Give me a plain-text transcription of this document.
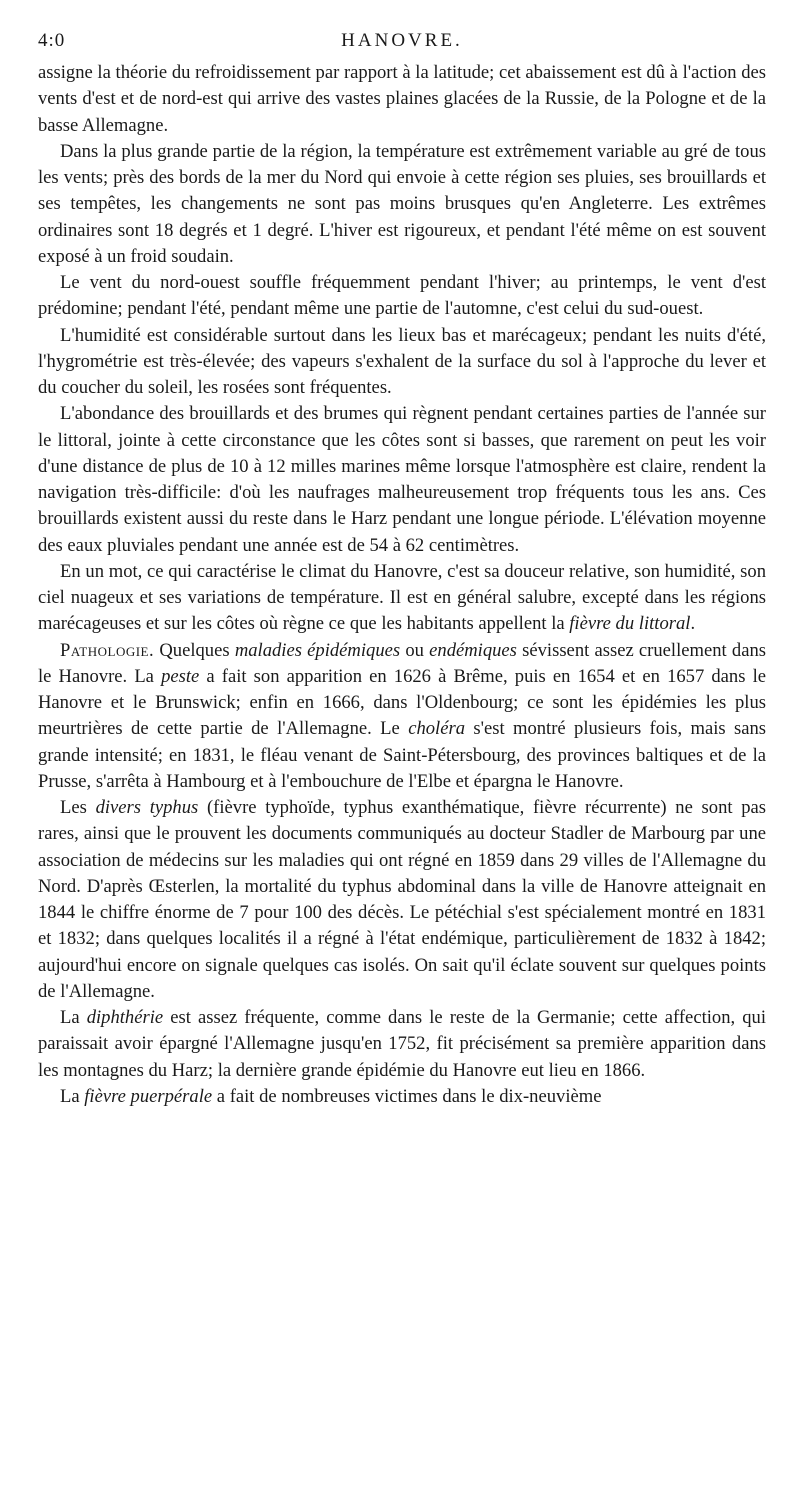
4:0	HANOVRE.

assigne la théorie du refroidissement par rapport à la latitude; cet abaissement est dû à l'action des vents d'est et de nord-est qui arrive des vastes plaines glacées de la Russie, de la Pologne et de la basse Allemagne.

Dans la plus grande partie de la région, la température est extrêmement variable au gré de tous les vents; près des bords de la mer du Nord qui envoie à cette région ses pluies, ses brouillards et ses tempêtes, les changements ne sont pas moins brusques qu'en Angleterre. Les extrêmes ordinaires sont 18 degrés et 1 degré. L'hiver est rigoureux, et pendant l'été même on est souvent exposé à un froid soudain.

Le vent du nord-ouest souffle fréquemment pendant l'hiver; au printemps, le vent d'est prédomine; pendant l'été, pendant même une partie de l'automne, c'est celui du sud-ouest.

L'humidité est considérable surtout dans les lieux bas et marécageux; pendant les nuits d'été, l'hygrométrie est très-élevée; des vapeurs s'exhalent de la surface du sol à l'approche du lever et du coucher du soleil, les rosées sont fréquentes.

L'abondance des brouillards et des brumes qui règnent pendant certaines parties de l'année sur le littoral, jointe à cette circonstance que les côtes sont si basses, que rarement on peut les voir d'une distance de plus de 10 à 12 milles marines même lorsque l'atmosphère est claire, rendent la navigation très-difficile: d'où les naufrages malheureusement trop fréquents tous les ans. Ces brouillards existent aussi du reste dans le Harz pendant une longue période. L'élévation moyenne des eaux pluviales pendant une année est de 54 à 62 centimètres.

En un mot, ce qui caractérise le climat du Hanovre, c'est sa douceur relative, son humidité, son ciel nuageux et ses variations de température. Il est en général salubre, excepté dans les régions marécageuses et sur les côtes où règne ce que les habitants appellent la fièvre du littoral.

Pathologie. Quelques maladies épidémiques ou endémiques sévissent assez cruellement dans le Hanovre. La peste a fait son apparition en 1626 à Brême, puis en 1654 et en 1657 dans le Hanovre et le Brunswick; enfin en 1666, dans l'Oldenbourg; ce sont les épidémies les plus meurtrières de cette partie de l'Allemagne. Le choléra s'est montré plusieurs fois, mais sans grande intensité; en 1831, le fléau venant de Saint-Pétersbourg, des provinces baltiques et de la Prusse, s'arrêta à Hambourg et à l'embouchure de l'Elbe et épargna le Hanovre.

Les divers typhus (fièvre typhoïde, typhus exanthématique, fièvre récurrente) ne sont pas rares, ainsi que le prouvent les documents communiqués au docteur Stadler de Marbourg par une association de médecins sur les maladies qui ont régné en 1859 dans 29 villes de l'Allemagne du Nord. D'après Œsterlen, la mortalité du typhus abdominal dans la ville de Hanovre atteignait en 1844 le chiffre énorme de 7 pour 100 des décès. Le pétéchial s'est spécialement montré en 1831 et 1832; dans quelques localités il a régné à l'état endémique, particulièrement de 1832 à 1842; aujourd'hui encore on signale quelques cas isolés. On sait qu'il éclate souvent sur quelques points de l'Allemagne.

La diphthérie est assez fréquente, comme dans le reste de la Germanie; cette affection, qui paraissait avoir épargné l'Allemagne jusqu'en 1752, fit précisément sa première apparition dans les montagnes du Harz; la dernière grande épidémie du Hanovre eut lieu en 1866.

La fièvre puerpérale a fait de nombreuses victimes dans le dix-neuvième
